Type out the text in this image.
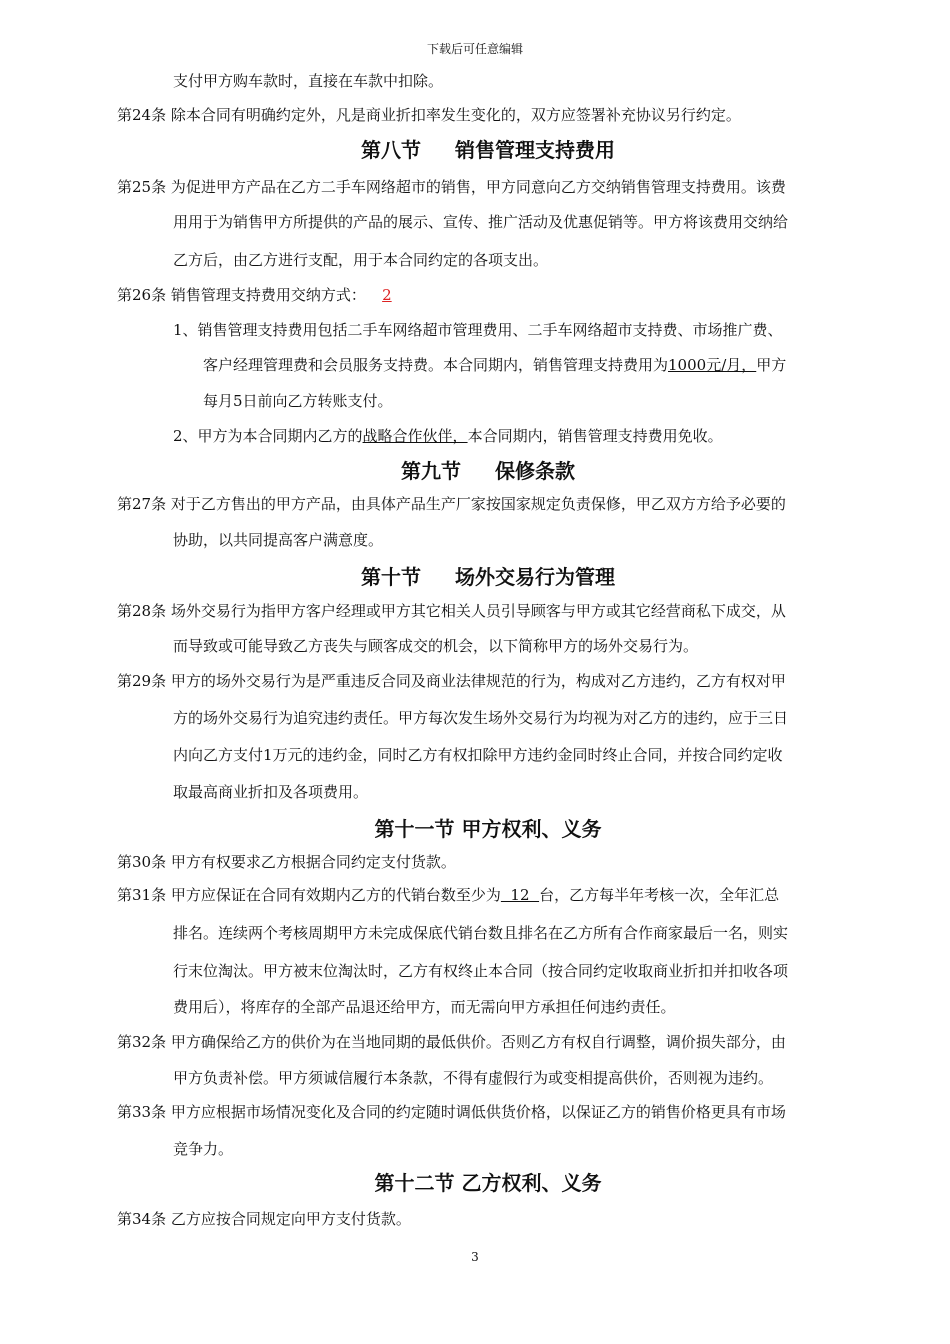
下载后可任意编辑
支付甲方购车款时，直接在车款中扣除。
第24条 除本合同有明确约定外，凡是商业折扣率发生变化的，双方应签署补充协议另行约定。
第八节 销售管理支持费用
第25条 为促进甲方产品在乙方二手车网络超市的销售，甲方同意向乙方交纳销售管理支持费用。该费
用用于为销售甲方所提供的产品的展示、宣传、推广活动及优惠促销等。甲方将该费用交纳给
乙方后，由乙方进行支配，用于本合同约定的各项支出。
第26条 销售管理支持费用交纳方式： 2
1、销售管理支持费用包括二手车网络超市管理费用、二手车网络超市支持费、市场推广费、
客户经理管理费和会员服务支持费。本合同期内，销售管理支持费用为1000元/月，甲方
每月5日前向乙方转账支付。
2、甲方为本合同期内乙方的战略合作伙伴，本合同期内，销售管理支持费用免收。
第九节 保修条款
第27条 对于乙方售出的甲方产品，由具体产品生产厂家按国家规定负责保修，甲乙双方方给予必要的
协助，以共同提高客户满意度。
第十节 场外交易行为管理
第28条 场外交易行为指甲方客户经理或甲方其它相关人员引导顾客与甲方或其它经营商私下成交，从
而导致或可能导致乙方丧失与顾客成交的机会，以下简称甲方的场外交易行为。
第29条 甲方的场外交易行为是严重违反合同及商业法律规范的行为，构成对乙方违约，乙方有权对甲
方的场外交易行为追究违约责任。甲方每次发生场外交易行为均视为对乙方的违约，应于三日
内向乙方支付1万元的违约金，同时乙方有权扣除甲方违约金同时终止合同，并按合同约定收
取最高商业折扣及各项费用。
第十一节 甲方权利、义务
第30条 甲方有权要求乙方根据合同约定支付货款。
第31条 甲方应保证在合同有效期内乙方的代销台数至少为  12  台，乙方每半年考核一次，全年汇总
排名。连续两个考核周期甲方未完成保底代销台数且排名在乙方所有合作商家最后一名，则实
行末位淘汰。甲方被末位淘汰时，乙方有权终止本合同（按合同约定收取商业折扣并扣收各项
费用后），将库存的全部产品退还给甲方，而无需向甲方承担任何违约责任。
第32条 甲方确保给乙方的供价为在当地同期的最低供价。否则乙方有权自行调整，调价损失部分，由
甲方负责补偿。甲方须诚信履行本条款，不得有虚假行为或变相提高供价，否则视为违约。
第33条 甲方应根据市场情况变化及合同的约定随时调低供货价格，以保证乙方的销售价格更具有市场
竞争力。
第十二节 乙方权利、义务
第34条 乙方应按合同规定向甲方支付货款。
3
